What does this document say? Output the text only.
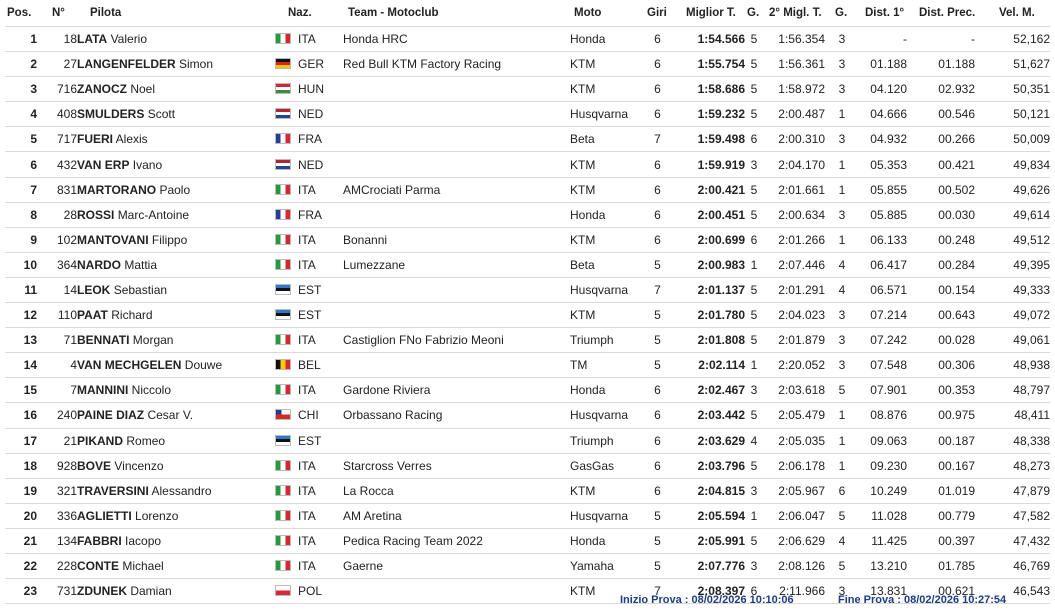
Pos.	N°	Pilota	Naz.	Team - Motoclub	Moto	Giri	Miglior T.	G.	2° Migl. T.	G.	Dist. 1°	Dist. Prec.	Vel. M.
1	18	LATA Valerio	ITA	Honda HRC	Honda	6	1:54.566	5	1:56.354	3	-	-	52,162
2	27	LANGENFELDER Simon	GER	Red Bull KTM Factory Racing	KTM	6	1:55.754	5	1:56.361	3	01.188	01.188	51,627
3	716	ZANOCZ Noel	HUN		KTM	6	1:58.686	5	1:58.972	3	04.120	02.932	50,351
4	408	SMULDERS Scott	NED		Husqvarna	6	1:59.232	5	2:00.487	1	04.666	00.546	50,121
5	717	FUERI Alexis	FRA		Beta	7	1:59.498	6	2:00.310	3	04.932	00.266	50,009
6	432	VAN ERP Ivano	NED		KTM	6	1:59.919	3	2:04.170	1	05.353	00.421	49,834
7	831	MARTORANO Paolo	ITA	AMCrociati Parma	KTM	6	2:00.421	5	2:01.661	1	05.855	00.502	49,626
8	28	ROSSI Marc-Antoine	FRA		Honda	6	2:00.451	5	2:00.634	3	05.885	00.030	49,614
9	102	MANTOVANI Filippo	ITA	Bonanni	KTM	6	2:00.699	6	2:01.266	1	06.133	00.248	49,512
10	364	NARDO Mattia	ITA	Lumezzane	Beta	5	2:00.983	1	2:07.446	4	06.417	00.284	49,395
11	14	LEOK Sebastian	EST		Husqvarna	7	2:01.137	5	2:01.291	4	06.571	00.154	49,333
12	110	PAAT Richard	EST		KTM	5	2:01.780	5	2:04.023	3	07.214	00.643	49,072
13	71	BENNATI Morgan	ITA	Castiglion FNo Fabrizio Meoni	Triumph	5	2:01.808	5	2:01.879	3	07.242	00.028	49,061
14	4	VAN MECHGELEN Douwe	BEL		TM	5	2:02.114	1	2:20.052	3	07.548	00.306	48,938
15	7	MANNINI Niccolo	ITA	Gardone Riviera	Honda	6	2:02.467	3	2:03.618	5	07.901	00.353	48,797
16	240	PAINE DIAZ Cesar V.	CHI	Orbassano Racing	Husqvarna	6	2:03.442	5	2:05.479	1	08.876	00.975	48,411
17	21	PIKAND Romeo	EST		Triumph	6	2:03.629	4	2:05.035	1	09.063	00.187	48,338
18	928	BOVE Vincenzo	ITA	Starcross Verres	GasGas	6	2:03.796	5	2:06.178	1	09.230	00.167	48,273
19	321	TRAVERSINI Alessandro	ITA	La Rocca	KTM	6	2:04.815	3	2:05.967	6	10.249	01.019	47,879
20	336	AGLIETTI Lorenzo	ITA	AM Aretina	Husqvarna	5	2:05.594	1	2:06.047	5	11.028	00.779	47,582
21	134	FABBRI Iacopo	ITA	Pedica Racing Team 2022	Honda	5	2:05.991	5	2:06.629	4	11.425	00.397	47,432
22	228	CONTE Michael	ITA	Gaerne	Yamaha	5	2:07.776	3	2:08.126	5	13.210	01.785	46,769
23	731	ZDUNEK Damian	POL		KTM	7	2:08.397	6	2:11.966	3	13.831	00.621	46,543
Inizio Prova : 08/02/2026 10:10:06	Fine Prova : 08/02/2026 10:27:54
